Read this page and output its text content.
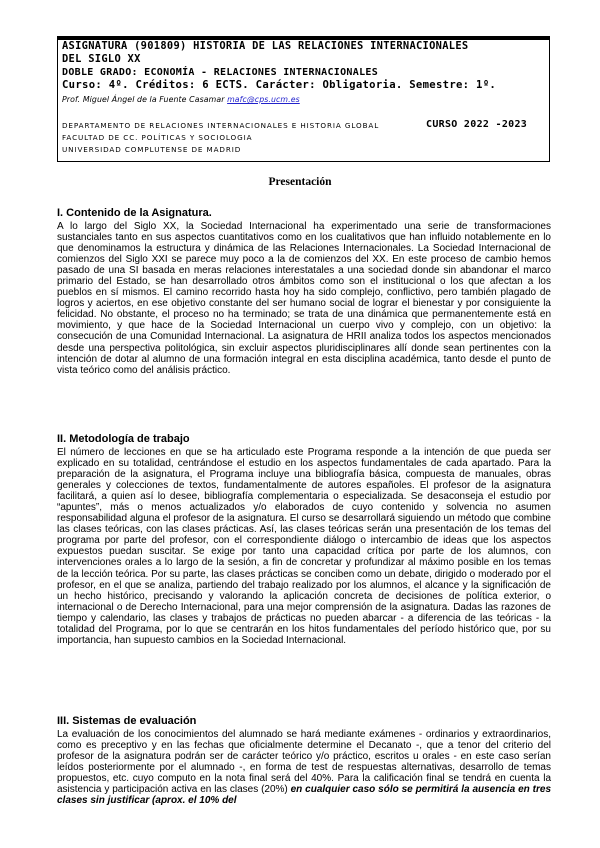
ASIGNATURA (901809) HISTORIA DE LAS RELACIONES INTERNACIONALES
DEL SIGLO XX
DOBLE GRADO: ECONOMÍA - RELACIONES INTERNACIONALES
Curso: 4º. Créditos: 6 ECTS. Carácter: Obligatoria. Semestre: 1º.
Prof. Miguel Ángel de la Fuente Casamar mafc@cps.ucm.es
DEPARTAMENTO DE RELACIONES INTERNACIONALES E HISTORIA GLOBAL	CURSO 2022 -2023
FACULTAD DE CC. POLÍTICAS Y SOCIOLOGIA
UNIVERSIDAD COMPLUTENSE DE MADRID
Presentación
I. Contenido de la Asignatura.

A lo largo del Siglo XX, la Sociedad Internacional ha experimentado una serie de transformaciones sustanciales tanto en sus aspectos cuantitativos como en los cualitativos que han influido notablemente en lo que denominamos la estructura y dinámica de las Relaciones Internacionales. La Sociedad Internacional de comienzos del Siglo XXI se parece muy poco a la de comienzos del XX. En este proceso de cambio hemos pasado de una SI basada en meras relaciones interestatales a una sociedad donde sin abandonar el marco primario del Estado, se han desarrollado otros ámbitos como son el institucional o los que afectan a los pueblos en sí mismos. El camino recorrido hasta hoy ha sido complejo, conflictivo, pero también plagado de logros y aciertos, en ese objetivo constante del ser humano social de lograr el bienestar y por consiguiente la felicidad. No obstante, el proceso no ha terminado; se trata de una dinámica que permanentemente está en movimiento, y que hace de la Sociedad Internacional un cuerpo vivo y complejo, con un objetivo: la consecución de una Comunidad Internacional. La asignatura de HRII analiza todos los aspectos mencionados desde una perspectiva politológica, sin excluir aspectos pluridisciplinares allí donde sean pertinentes con la intención de dotar al alumno de una formación integral en esta disciplina académica, tanto desde el punto de vista teórico como del análisis práctico.

II. Metodología de trabajo

El número de lecciones en que se ha articulado este Programa responde a la intención de que pueda ser explicado en su totalidad, centrándose el estudio en los aspectos fundamentales de cada apartado. Para la preparación de la asignatura, el Programa incluye una bibliografía básica, compuesta de manuales, obras generales y colecciones de textos, fundamentalmente de autores españoles. El profesor de la asignatura facilitará, a quien así lo desee, bibliografía complementaria o especializada. Se desaconseja el estudio por “apuntes”, más o menos actualizados y/o elaborados de cuyo contenido y solvencia no asumen responsabilidad alguna el profesor de la asignatura. El curso se desarrollará siguiendo un método que combine las clases teóricas, con las clases prácticas. Así, las clases teóricas serán una presentación de los temas del programa por parte del profesor, con el correspondiente diálogo o intercambio de ideas que los aspectos expuestos puedan suscitar. Se exige por tanto una capacidad crítica por parte de los alumnos, con intervenciones orales a lo largo de la sesión, a fin de concretar y profundizar al máximo posible en los temas de la lección teórica. Por su parte, las clases prácticas se conciben como un debate, dirigido o moderado por el profesor, en el que se analiza, partiendo del trabajo realizado por los alumnos, el alcance y la significación de un hecho histórico, precisando y valorando la aplicación concreta de decisiones de política exterior, o internacional o de Derecho Internacional, para una mejor comprensión de la asignatura. Dadas las razones de tiempo y calendario, las clases y trabajos de prácticas no pueden abarcar - a diferencia de las teóricas - la totalidad del Programa, por lo que se centrarán en los hitos fundamentales del período histórico que, por su importancia, han supuesto cambios en la Sociedad Internacional.

III. Sistemas de evaluación

La evaluación de los conocimientos del alumnado se hará mediante exámenes - ordinarios y extraordinarios, como es preceptivo y en las fechas que oficialmente determine el Decanato -, que a tenor del criterio del profesor de la asignatura podrán ser de carácter teórico y/o práctico, escritos u orales - en este caso serían leídos posteriormente por el alumnado -, en forma de test de respuestas alternativas, desarrollo de temas propuestos, etc. cuyo computo en la nota final será del 40%. Para la calificación final se tendrá en cuenta la asistencia y participación activa en las clases (20%) en cualquier caso sólo se permitirá la ausencia en tres clases sin justificar (aprox. el 10% del
